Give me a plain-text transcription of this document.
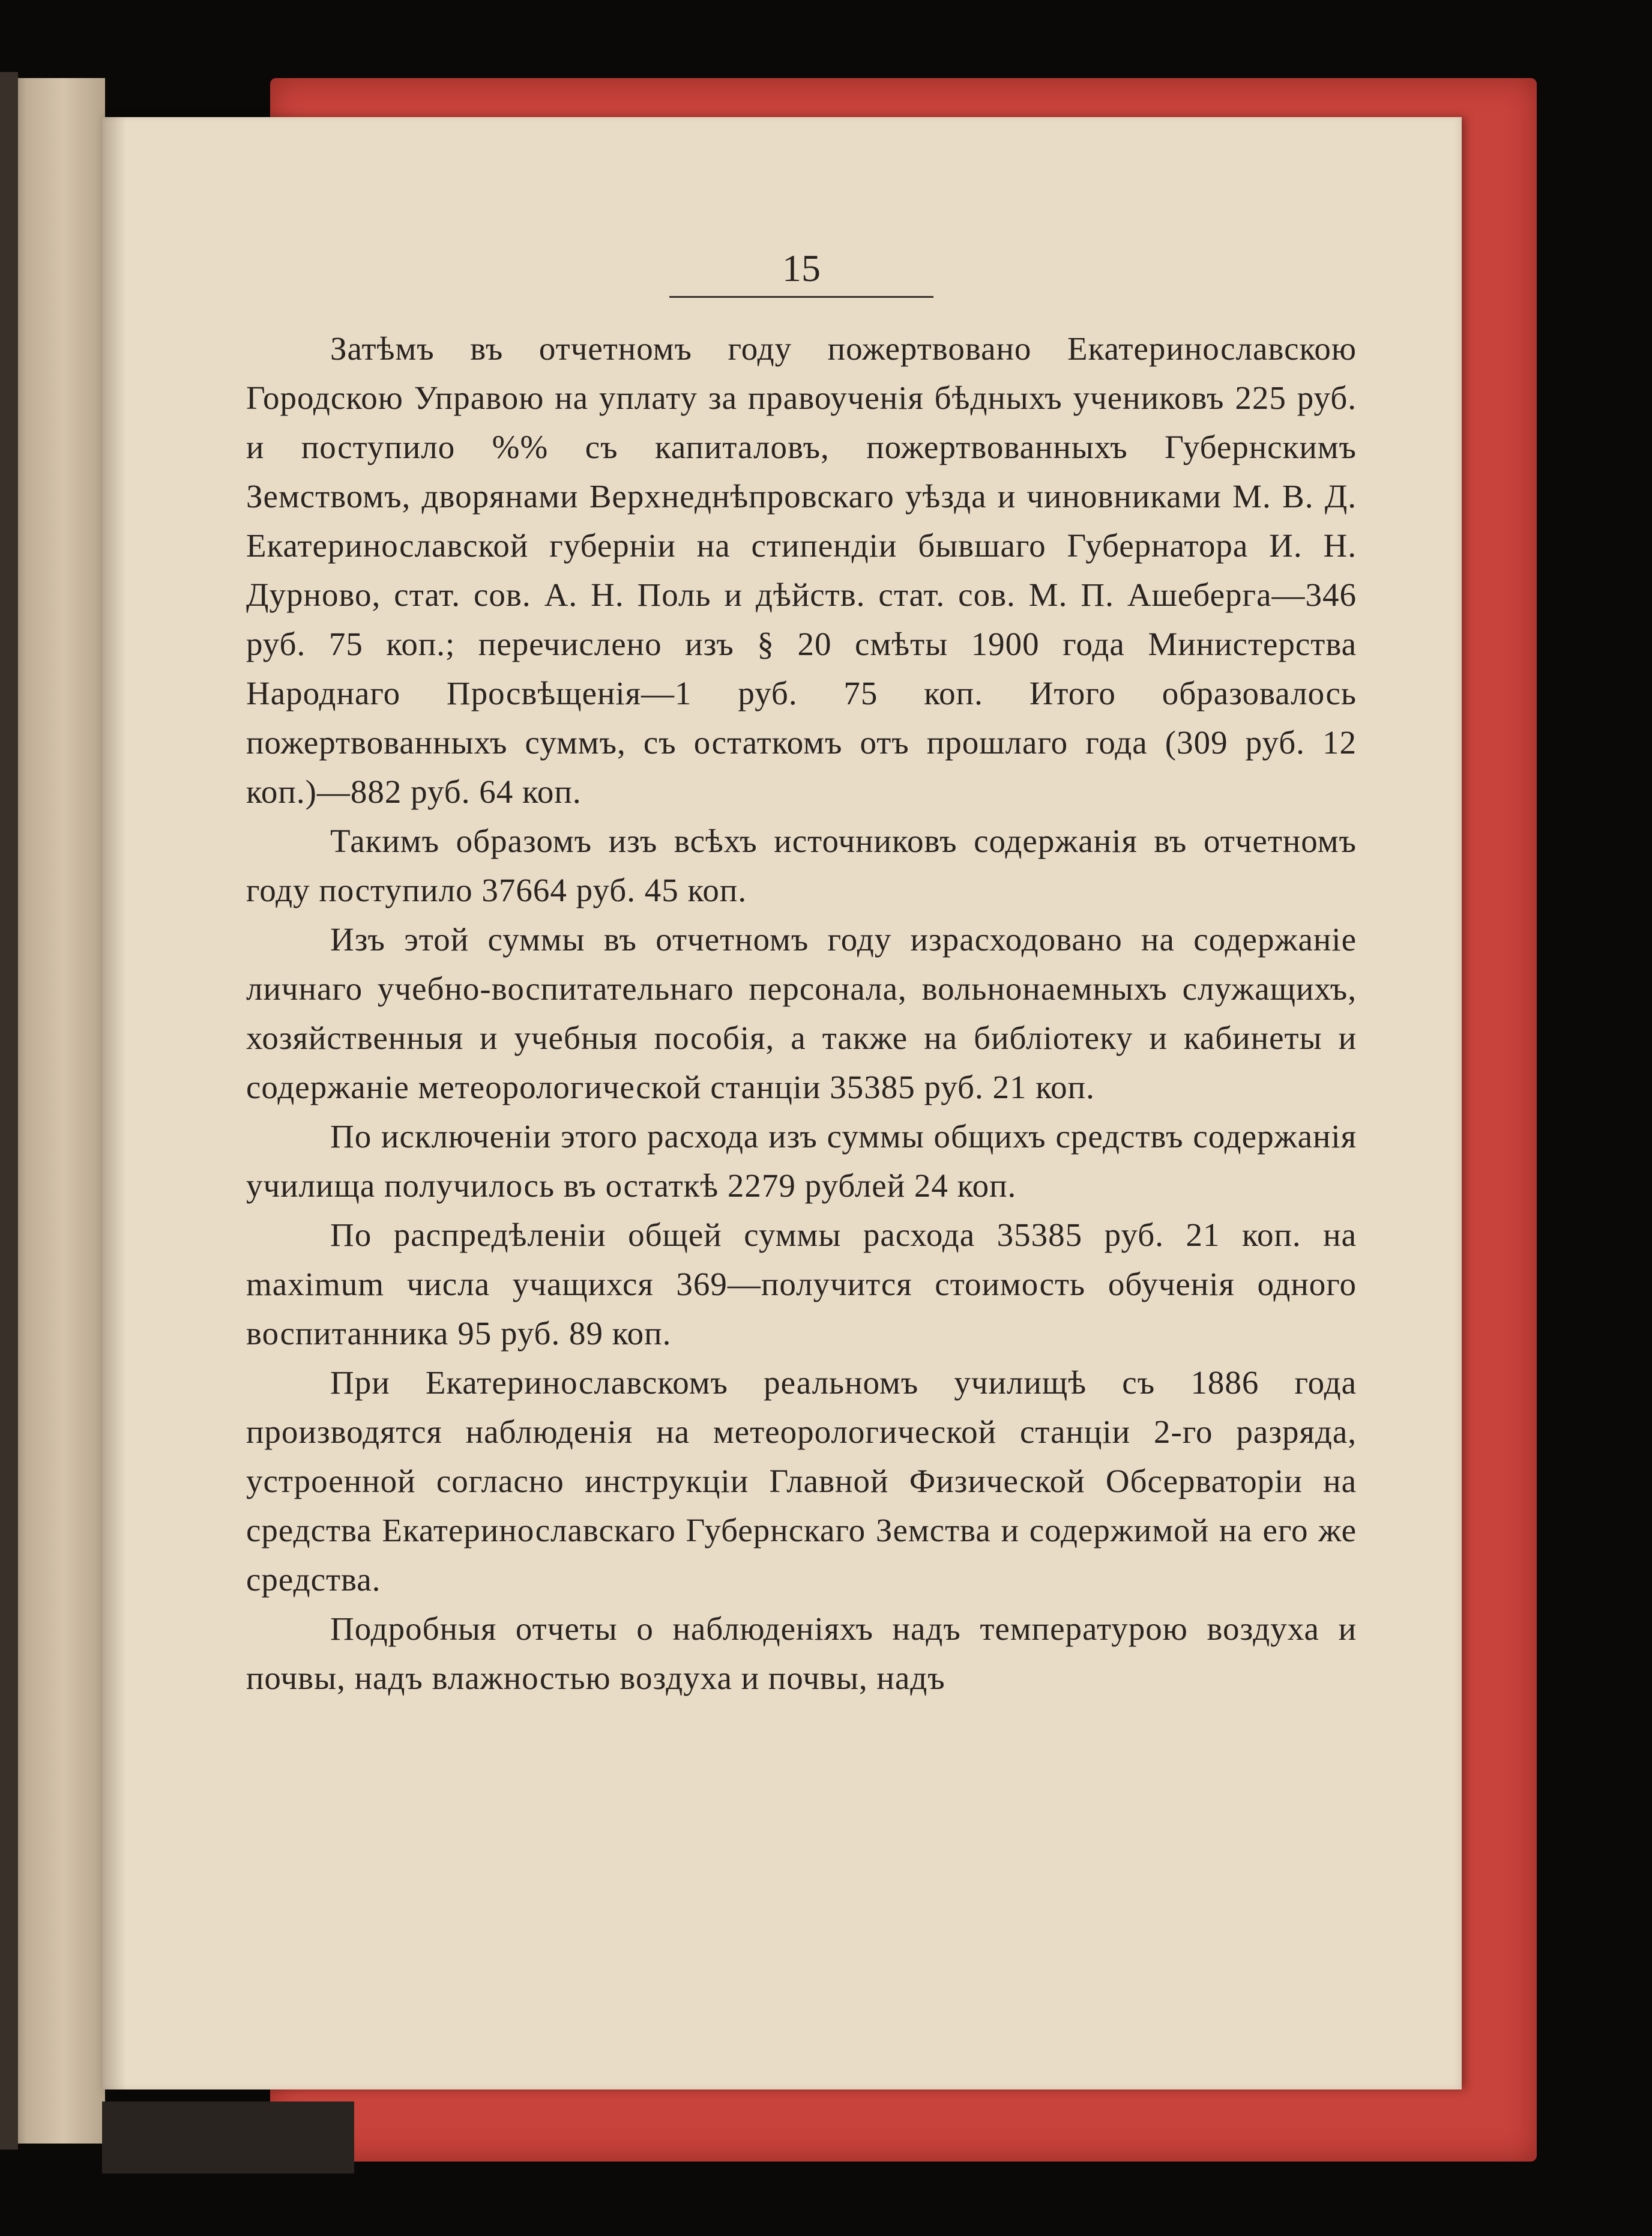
15

Затѣмъ въ отчетномъ году пожертвовано Екатеринославскою Городскою Управою на уплату за правоученія бѣдныхъ учениковъ 225 руб. и поступило %% съ капиталовъ, пожертвованныхъ Губернскимъ Земствомъ, дворянами Верхнеднѣпровскаго уѣзда и чиновниками М. В. Д. Екатеринославской губерніи на стипендіи бывшаго Губернатора И. Н. Дурново, стат. сов. А. Н. Поль и дѣйств. стат. сов. М. П. Ашеберга—346 руб. 75 коп.; перечислено изъ § 20 смѣты 1900 года Министерства Народнаго Просвѣщенія—1 руб. 75 коп. Итого образовалось пожертвованныхъ суммъ, съ остаткомъ отъ прошлаго года (309 руб. 12 коп.)—882 руб. 64 коп.

Такимъ образомъ изъ всѣхъ источниковъ содержанія въ отчетномъ году поступило 37664 руб. 45 коп.

Изъ этой суммы въ отчетномъ году израсходовано на содержаніе личнаго учебно-воспитательнаго персонала, вольнонаемныхъ служащихъ, хозяйственныя и учебныя пособія, а также на библіотеку и кабинеты и содержаніе метеорологической станціи 35385 руб. 21 коп.

По исключеніи этого расхода изъ суммы общихъ средствъ содержанія училища получилось въ остаткѣ 2279 рублей 24 коп.

По распредѣленіи общей суммы расхода 35385 руб. 21 коп. на maximum числа учащихся 369—получится стоимость обученія одного воспитанника 95 руб. 89 коп.

При Екатеринославскомъ реальномъ училищѣ съ 1886 года производятся наблюденія на метеорологической станціи 2-го разряда, устроенной согласно инструкціи Главной Физической Обсерваторіи на средства Екатеринославскаго Губернскаго Земства и содержимой на его же средства.

Подробныя отчеты о наблюденіяхъ надъ температурою воздуха и почвы, надъ влажностью воздуха и почвы, надъ
